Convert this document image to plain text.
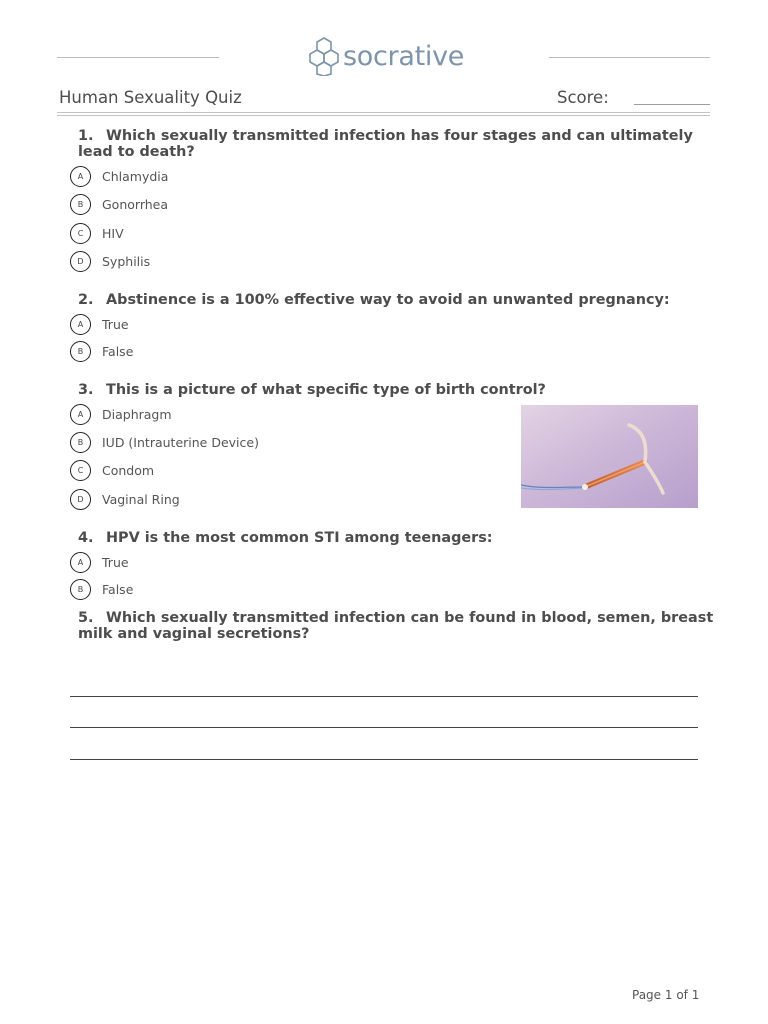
socrative
Human Sexuality Quiz	Score:
1. Which sexually transmitted infection has four stages and can ultimately lead to death?
A	Chlamydia
B	Gonorrhea
C	HIV
D	Syphilis
2. Abstinence is a 100% effective way to avoid an unwanted pregnancy:
A	True
B	False
3. This is a picture of what specific type of birth control?
A	Diaphragm
B	IUD (Intrauterine Device)
C	Condom
D	Vaginal Ring
4. HPV is the most common STI among teenagers:
A	True
B	False
5. Which sexually transmitted infection can be found in blood, semen, breast milk and vaginal secretions?
Page 1 of 1
